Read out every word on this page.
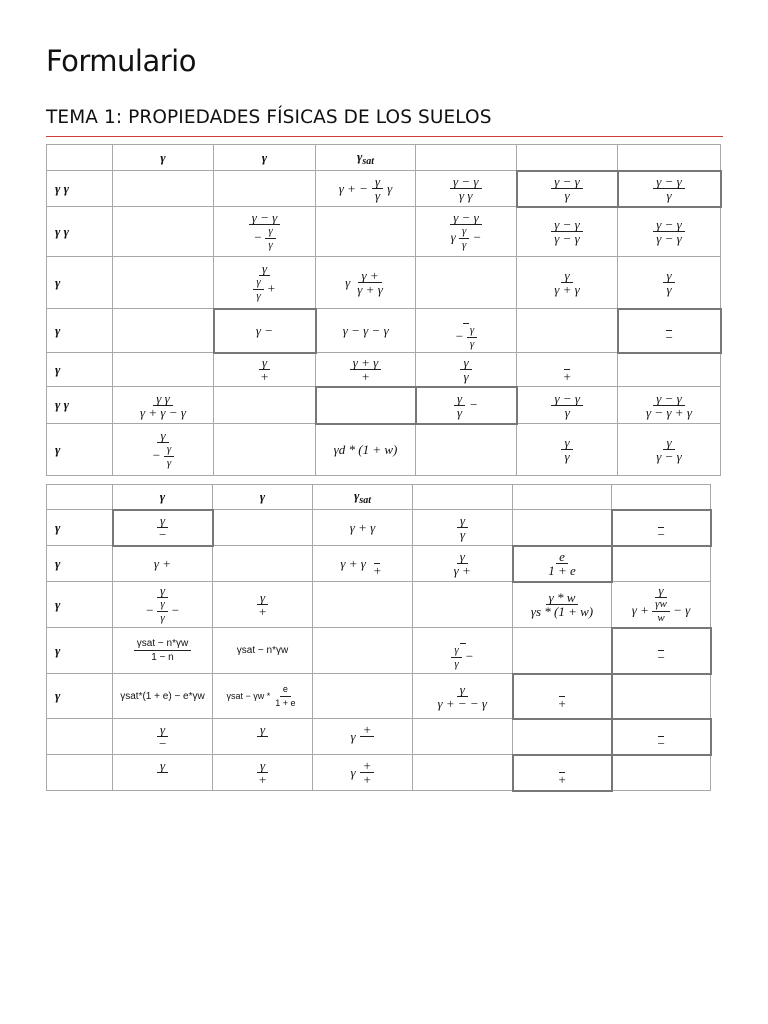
Formulario
TEMA 1: PROPIEDADES FÍSICAS DE LOS SUELOS
	γ	γ	$\gamma_{sat}$			
γ γ			γ + − $\frac{\gamma}{\gamma}$ γ	$\frac{\gamma - \gamma}{\text{γ γ}}$	$\frac{\gamma - \gamma}{\gamma}$	$\frac{\gamma - \gamma}{\gamma}$

γ γ		$\frac{\gamma - \gamma}{- \frac{\gamma}{\gamma}}$		$\frac{\gamma - \gamma}{\gamma \frac{\gamma}{\gamma} -}$	$\frac{\gamma - \gamma}{\gamma - \gamma}$	$\frac{\gamma - \gamma}{\gamma - \gamma}$

γ		$\frac{\gamma}{\frac{\gamma}{\gamma} +}$	γ $\frac{\gamma +}{\gamma + \gamma}$		$\frac{\gamma}{\gamma + \gamma}$	$\frac{\gamma}{\gamma}$

γ		γ −	γ − γ − γ	− $\frac{\gamma}{\gamma}$		−

γ		$\frac{\gamma}{+}$	$\frac{\gamma + \gamma}{+}$	$\frac{\gamma}{\gamma}$	+	

γ γ	$\frac{\text{γ γ}}{\gamma + \gamma - \gamma}$			$\frac{\gamma}{\gamma}$ −	$\frac{\gamma - \gamma}{\gamma}$	$\frac{\gamma - \gamma}{\gamma - \gamma + \gamma}$

γ	$\frac{\gamma}{- \frac{\gamma}{\gamma}}$		γd * (1 + w)		$\frac{\gamma}{\gamma}$	$\frac{\gamma}{\gamma - \gamma}$
	γ	γ	$\gamma_{sat}$			
γ	$\frac{\gamma}{-}$		γ + γ	$\frac{\gamma}{\gamma}$		−

γ	γ +		γ + γ +	$\frac{\gamma}{\gamma +}$	$\frac{e}{1 + e}$

γ	$\frac{\gamma}{- \frac{\gamma}{\gamma} -}$	$\frac{\gamma}{+}$			$\frac{\gamma * w}{\gamma s * (1 + w)}$	$\frac{\gamma}{\gamma + \frac{\gamma w}{w} - \gamma}$

γ	$\frac{\text{γsat − n*γw}}{1 - n}$	γsat − n*γw		$\frac{\gamma}{\gamma}$ −		−

γ	γsat*(1 + e) − e*γw	$\gamma sat - \gamma w * \frac{e}{1 + e}$		$\frac{\gamma}{\gamma + - - \gamma}$	+	

	$\frac{\gamma}{-}$	γ	γ +			−

	γ	$\frac{\gamma}{+}$	γ $\frac{+}{+}$		+	
